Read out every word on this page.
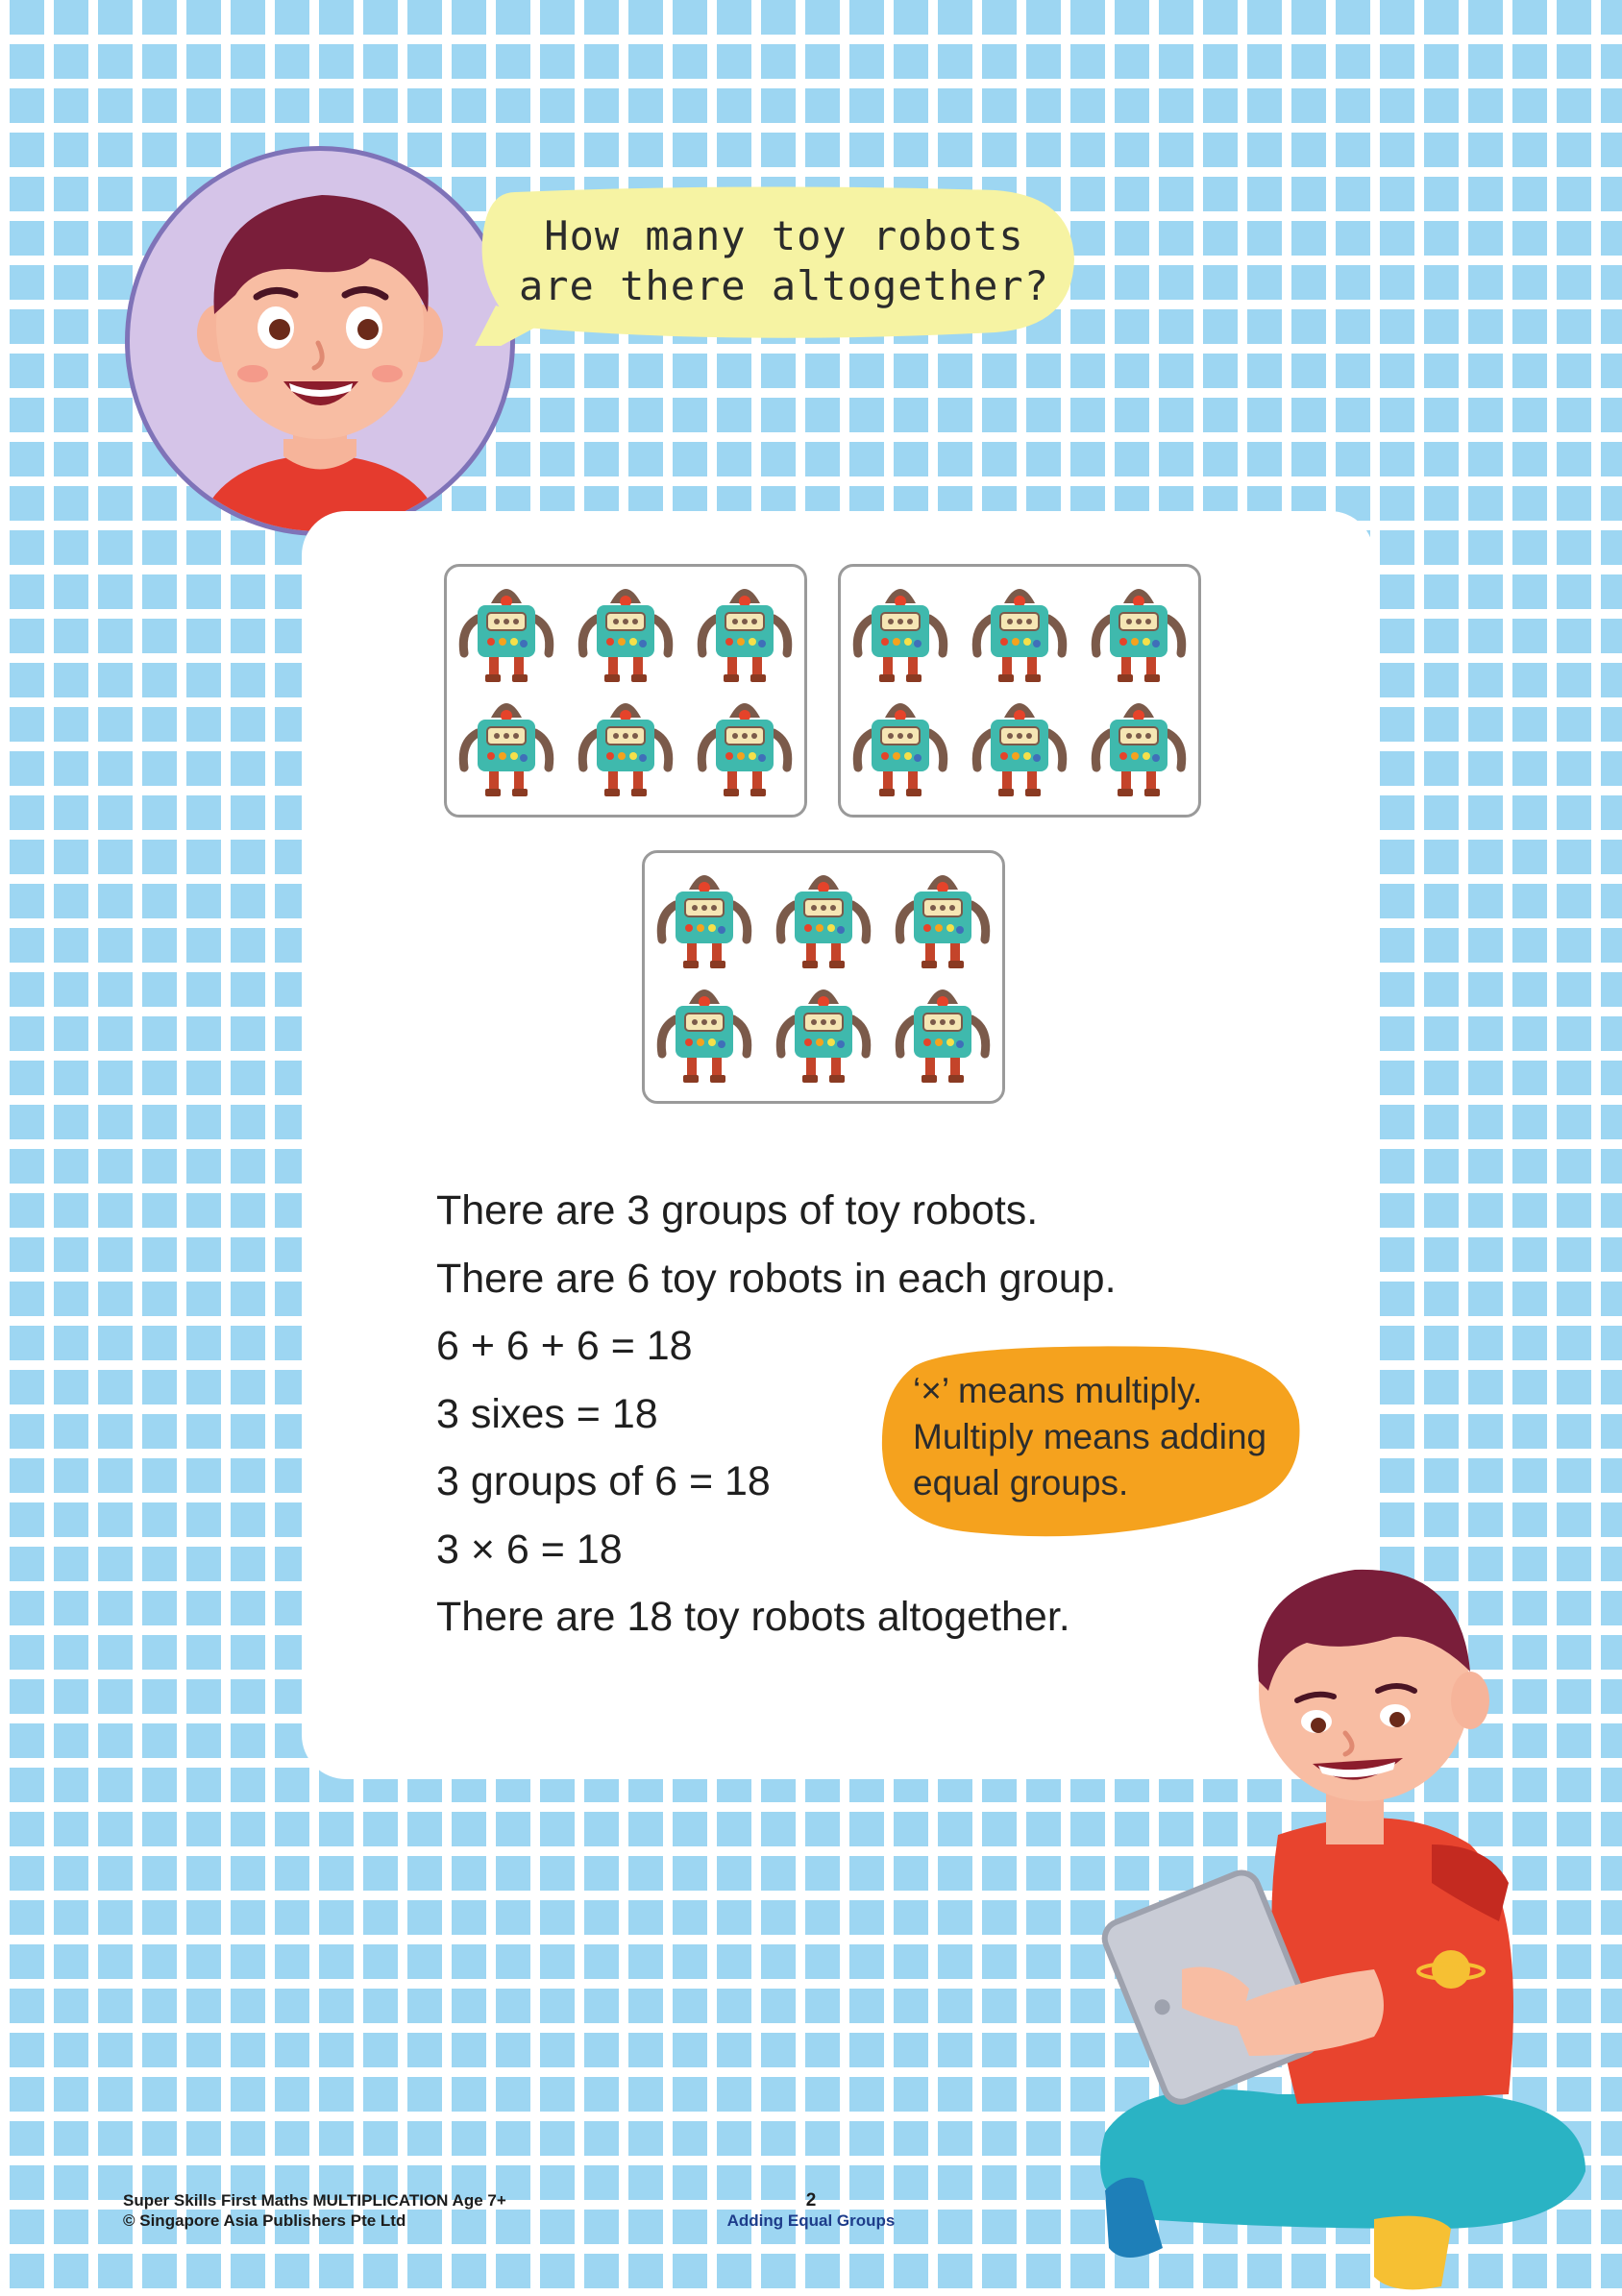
How many toy robots
are there altogether?
There are 3 groups of toy robots.
There are 6 toy robots in each group.
6 + 6 + 6 = 18
3 sixes = 18
3 groups of 6 = 18
3 × 6 = 18
There are 18 toy robots altogether.
‘×’ means multiply.
Multiply means adding
equal groups.
Super Skills First Maths MULTIPLICATION Age 7+
© Singapore Asia Publishers Pte Ltd
2
Adding Equal Groups
